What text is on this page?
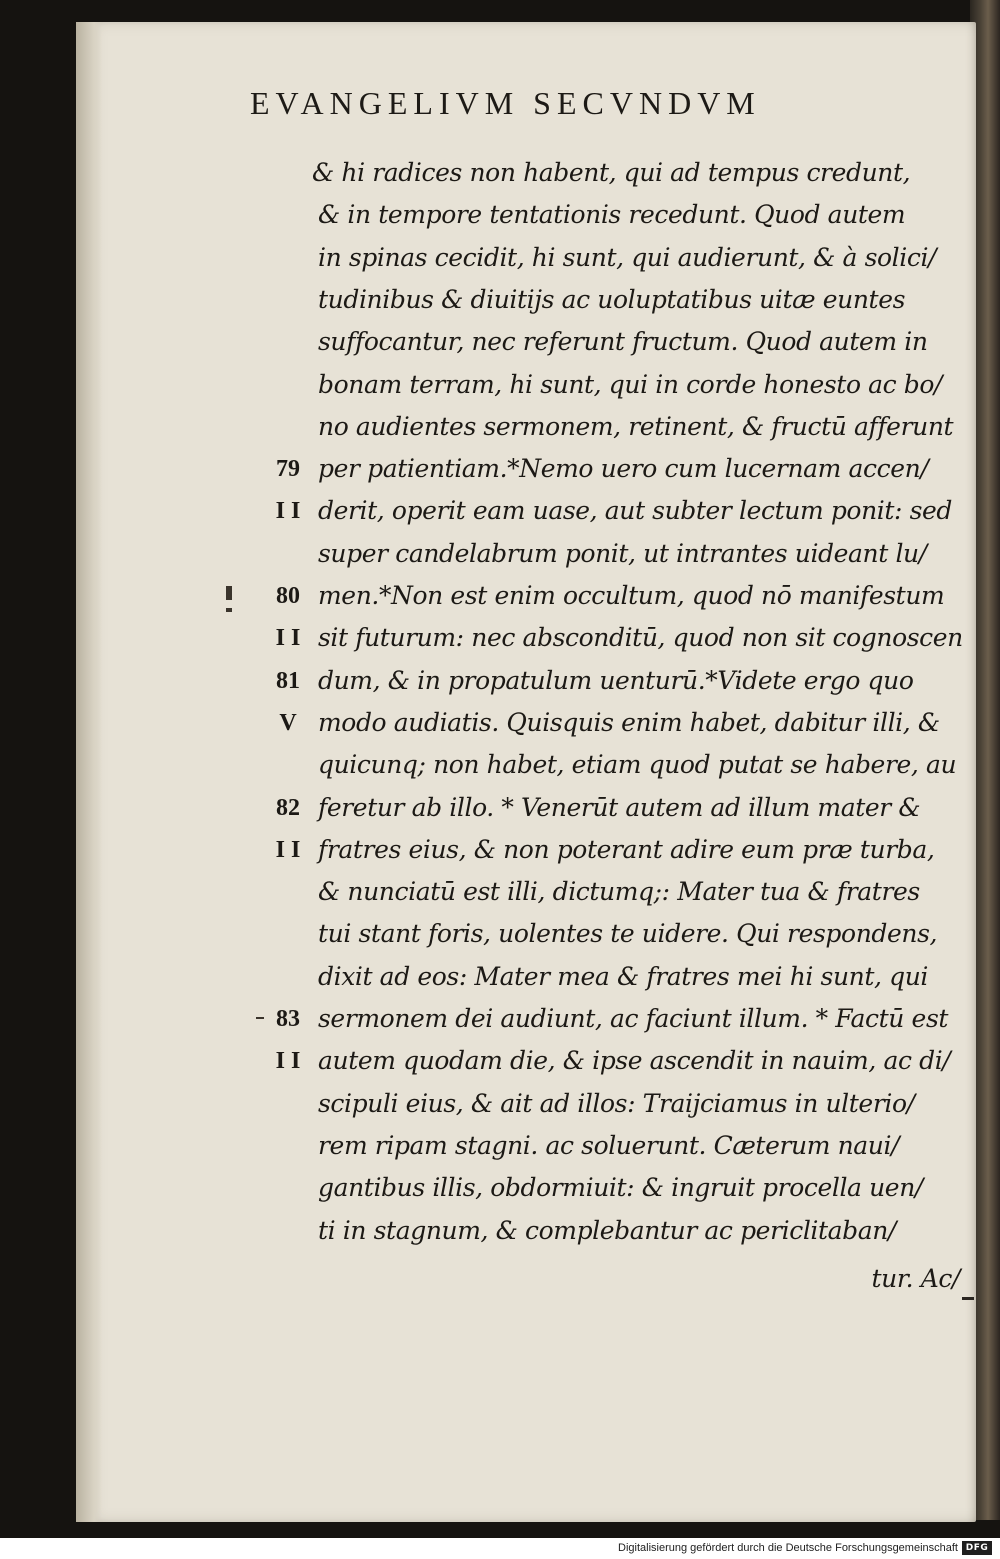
EVANGELIVM SECVNDVM
& hi radices non habent, qui ad tempus credunt,
& in tempore tentationis recedunt. Quod autem
in spinas cecidit, hi sunt, qui audierunt, & à solici/
tudinibus & diuitijs ac uoluptatibus uitæ euntes
suffocantur, nec referunt fructum. Quod autem in
bonam terram, hi sunt, qui in corde honesto ac bo/
no audientes sermonem, retinent, & fructū afferunt
per patientiam.*Nemo uero cum lucernam accen/
derit, operit eam uase, aut subter lectum ponit: sed
super candelabrum ponit, ut intrantes uideant lu/
men.*Non est enim occultum, quod nō manifestum
sit futurum: nec absconditū, quod non sit cognoscen
dum, & in propatulum uenturū.*Videte ergo quo
modo audiatis. Quisquis enim habet, dabitur illi, &
quicunq; non habet, etiam quod putat se habere, au
feretur ab illo. * Venerūt autem ad illum mater &
fratres eius, & non poterant adire eum præ turba,
& nunciatū est illi, dictumq;: Mater tua & fratres
tui stant foris, uolentes te uidere. Qui respondens,
dixit ad eos: Mater mea & fratres mei hi sunt, qui
sermonem dei audiunt, ac faciunt illum. * Factū est
autem quodam die, & ipse ascendit in nauim, ac di/
scipuli eius, & ait ad illos: Traijciamus in ulterio/
rem ripam stagni. ac soluerunt. Cæterum naui/
gantibus illis, obdormiuit: & ingruit procella uen/
ti in stagnum, & complebantur ac periclitaban/
79
I I
80
I I
81
V
82
I I
83
I I
tur. Ac/
Digitalisierung gefördert durch die Deutsche Forschungsgemeinschaft DFG
